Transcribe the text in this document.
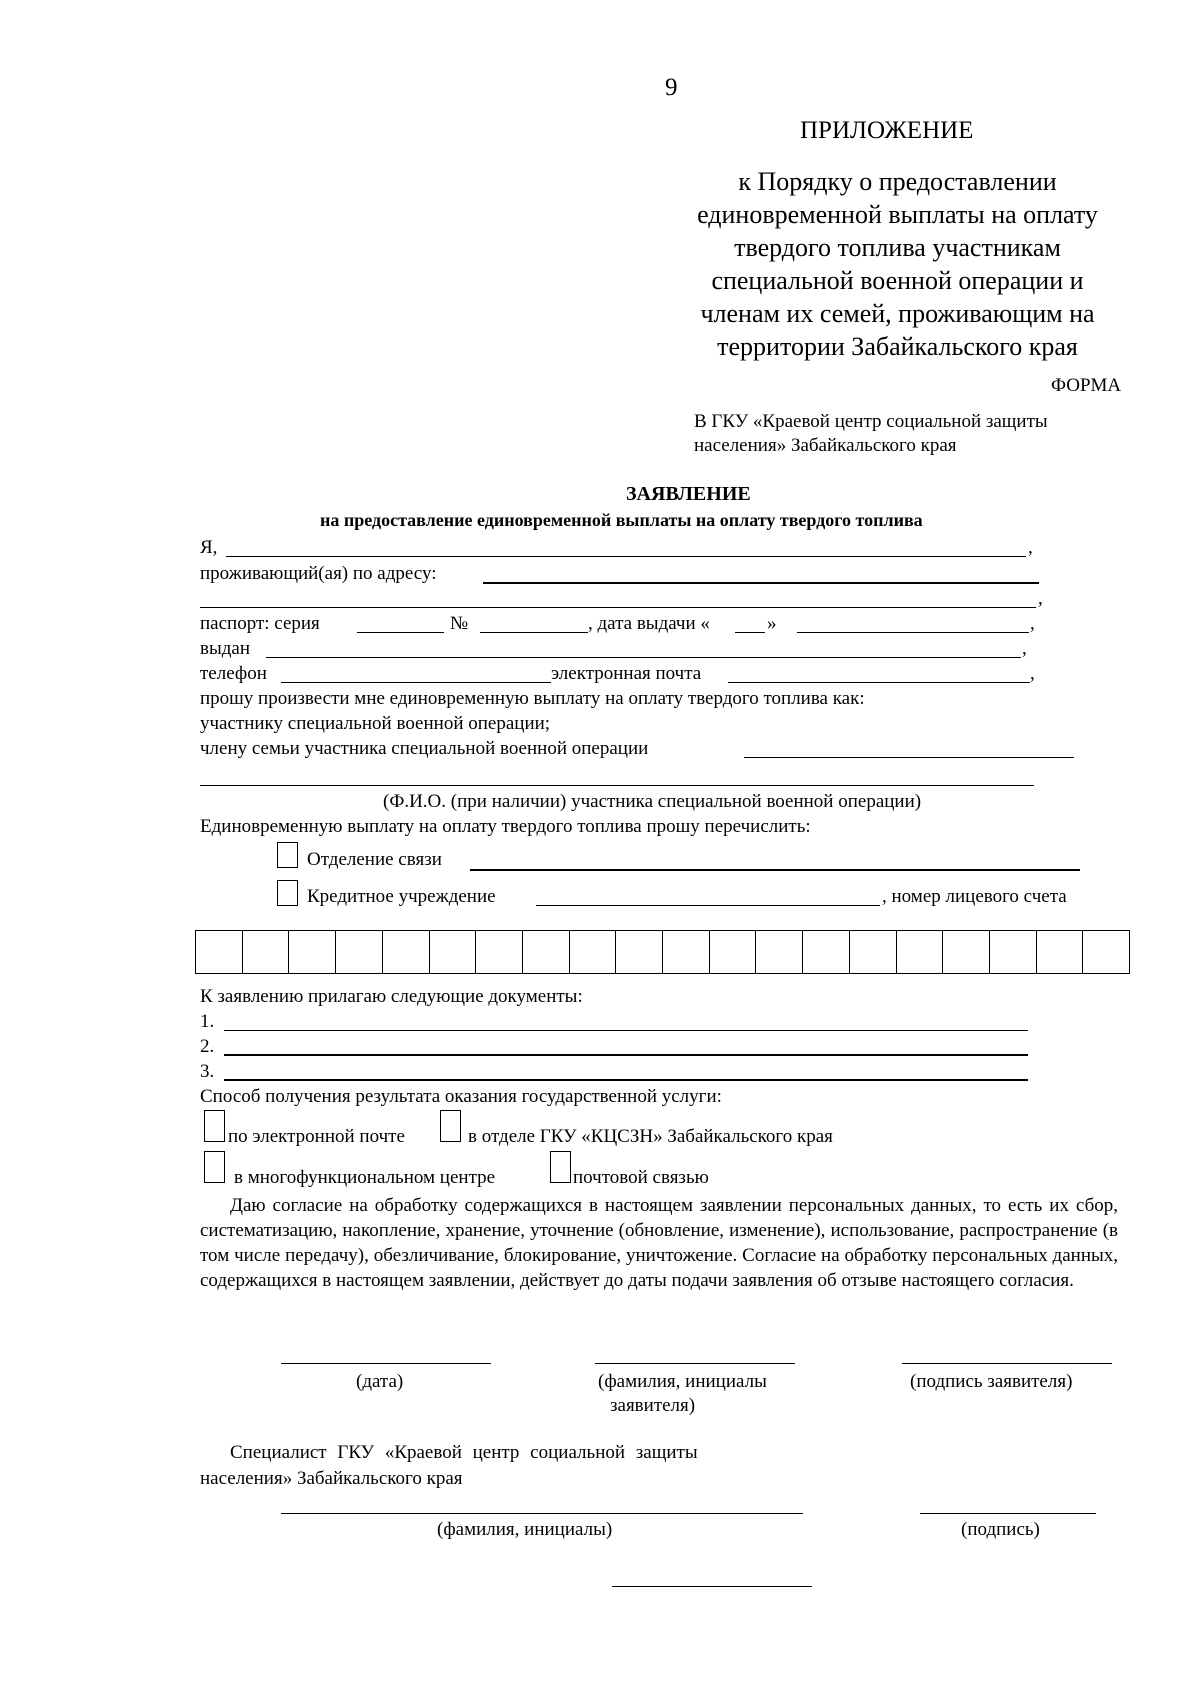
9
ПРИЛОЖЕНИЕ
к Порядку о предоставлении
единовременной выплаты на оплату
твердого топлива участникам
специальной военной операции и
членам их семей, проживающим на
территории Забайкальского края
ФОРМА
В ГКУ «Краевой центр социальной защиты
населения» Забайкальского края
ЗАЯВЛЕНИЕ
на предоставление единовременной выплаты на оплату твердого топлива
Я,	,
проживающий(ая) по адресу:
,
паспорт: серия	№	, дата выдачи «	»	,
выдан	,
телефон	электронная почта	,
прошу произвести мне единовременную выплату на оплату твердого топлива как:
участнику специальной военной операции;
члену семьи участника специальной военной операции
(Ф.И.О. (при наличии) участника специальной военной операции)
Единовременную выплату на оплату твердого топлива прошу перечислить:
Отделение связи
Кредитное учреждение	, номер лицевого счета
К заявлению прилагаю следующие документы:
1.
2.
3.
Способ получения результата оказания государственной услуги:
по электронной почте	в отделе ГКУ «КЦСЗН» Забайкальского края
в многофункциональном центре	почтовой связью
Даю согласие на обработку содержащихся в настоящем заявлении персональных данных, то есть их сбор, систематизацию, накопление, хранение, уточнение (обновление, изменение), использование, распространение (в том числе передачу), обезличивание, блокирование, уничтожение. Согласие на обработку персональных данных, содержащихся в настоящем заявлении, действует до даты подачи заявления об отзыве настоящего согласия.
(дата)	(фамилия, инициалы
заявителя)
(подпись заявителя)
Специалист ГКУ «Краевой центр социальной защиты
населения» Забайкальского края
(фамилия, инициалы)	(подпись)
